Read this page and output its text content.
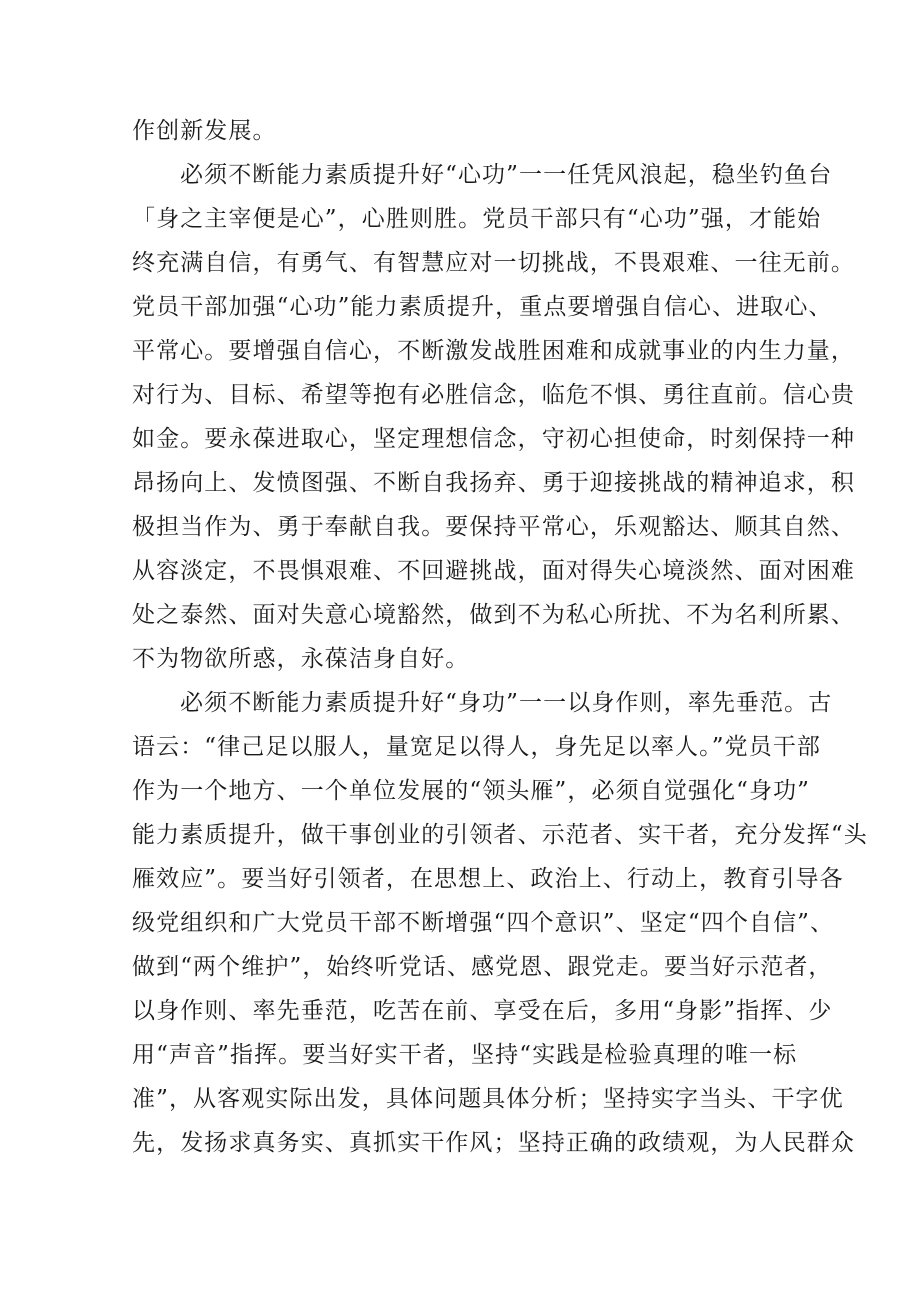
作创新发展。
必须不断能力素质提升好“心功”一一任凭风浪起，稳坐钓鱼台
「身之主宰便是心”，心胜则胜。党员干部只有“心功”强，才能始
终充满自信，有勇气、有智慧应对一切挑战，不畏艰难、一往无前。
党员干部加强“心功”能力素质提升，重点要增强自信心、进取心、
平常心。要增强自信心，不断激发战胜困难和成就事业的内生力量，
对行为、目标、希望等抱有必胜信念，临危不惧、勇往直前。信心贵
如金。要永葆进取心，坚定理想信念，守初心担使命，时刻保持一种
昂扬向上、发愤图强、不断自我扬弃、勇于迎接挑战的精神追求，积
极担当作为、勇于奉献自我。要保持平常心，乐观豁达、顺其自然、
从容淡定，不畏惧艰难、不回避挑战，面对得失心境淡然、面对困难
处之泰然、面对失意心境豁然，做到不为私心所扰、不为名利所累、
不为物欲所惑，永葆洁身自好。
必须不断能力素质提升好“身功”一一以身作则，率先垂范。古
语云：“律己足以服人，量宽足以得人，身先足以率人。”党员干部
作为一个地方、一个单位发展的“领头雁”，必须自觉强化“身功”
能力素质提升，做干事创业的引领者、示范者、实干者，充分发挥“头
雁效应”。要当好引领者，在思想上、政治上、行动上，教育引导各
级党组织和广大党员干部不断增强“四个意识”、坚定“四个自信”、
做到“两个维护”，始终听党话、感党恩、跟党走。要当好示范者，
以身作则、率先垂范，吃苦在前、享受在后，多用“身影”指挥、少
用“声音”指挥。要当好实干者，坚持“实践是检验真理的唯一标
准”，从客观实际出发，具体问题具体分析；坚持实字当头、干字优
先，发扬求真务实、真抓实干作风；坚持正确的政绩观，为人民群众
